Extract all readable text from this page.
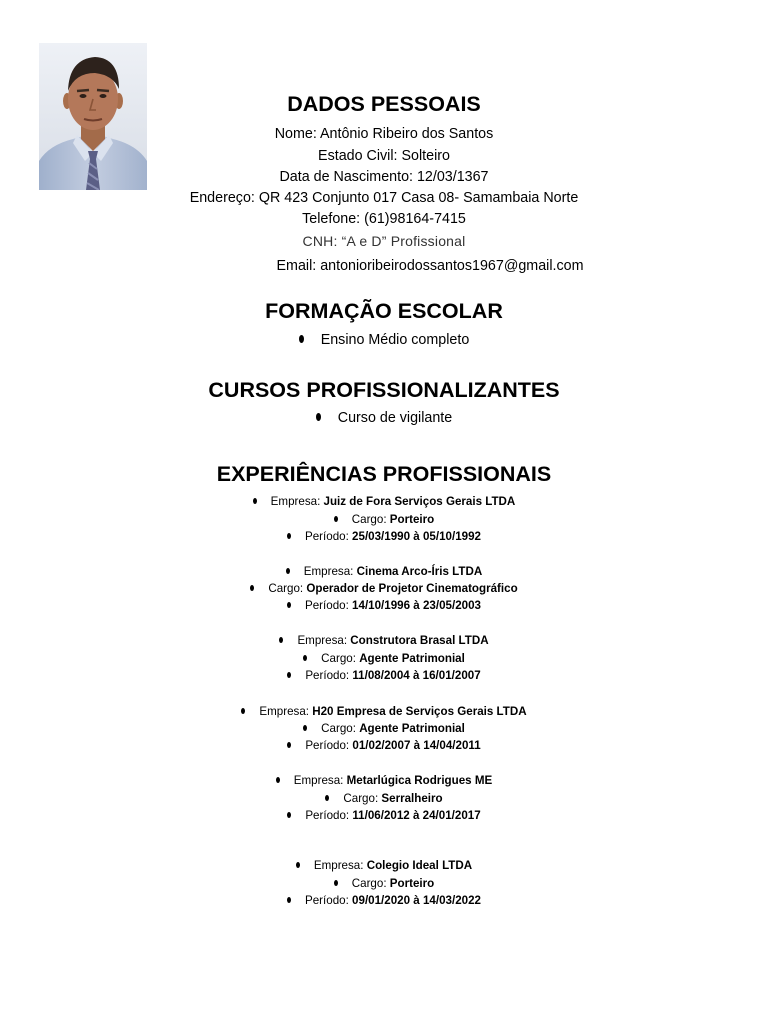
DADOS PESSOAIS
Nome: Antônio Ribeiro dos Santos
Estado Civil: Solteiro
Data de Nascimento: 12/03/1367
Endereço: QR 423 Conjunto 017 Casa 08- Samambaia Norte
Telefone: (61)98164-7415
CNH: “A e D” Profissional
Email: antonioribeirodossantos1967@gmail.com
FORMAÇÃO ESCOLAR
Ensino Médio completo
CURSOS PROFISSIONALIZANTES
Curso de vigilante
EXPERIÊNCIAS PROFISSIONAIS
Empresa: Juiz de Fora Serviços Gerais LTDA
Cargo: Porteiro
Período: 25/03/1990 à 05/10/1992
Empresa: Cinema Arco-Íris LTDA
Cargo: Operador de Projetor Cinematográfico
Período: 14/10/1996 à 23/05/2003
Empresa: Construtora Brasal LTDA
Cargo: Agente Patrimonial
Período: 11/08/2004 à 16/01/2007
Empresa: H20 Empresa de Serviços Gerais LTDA
Cargo: Agente Patrimonial
Período: 01/02/2007 à 14/04/2011
Empresa: Metarlúgica Rodrigues ME
Cargo: Serralheiro
Período: 11/06/2012 à 24/01/2017
Empresa: Colegio Ideal LTDA
Cargo: Porteiro
Período: 09/01/2020 à 14/03/2022
